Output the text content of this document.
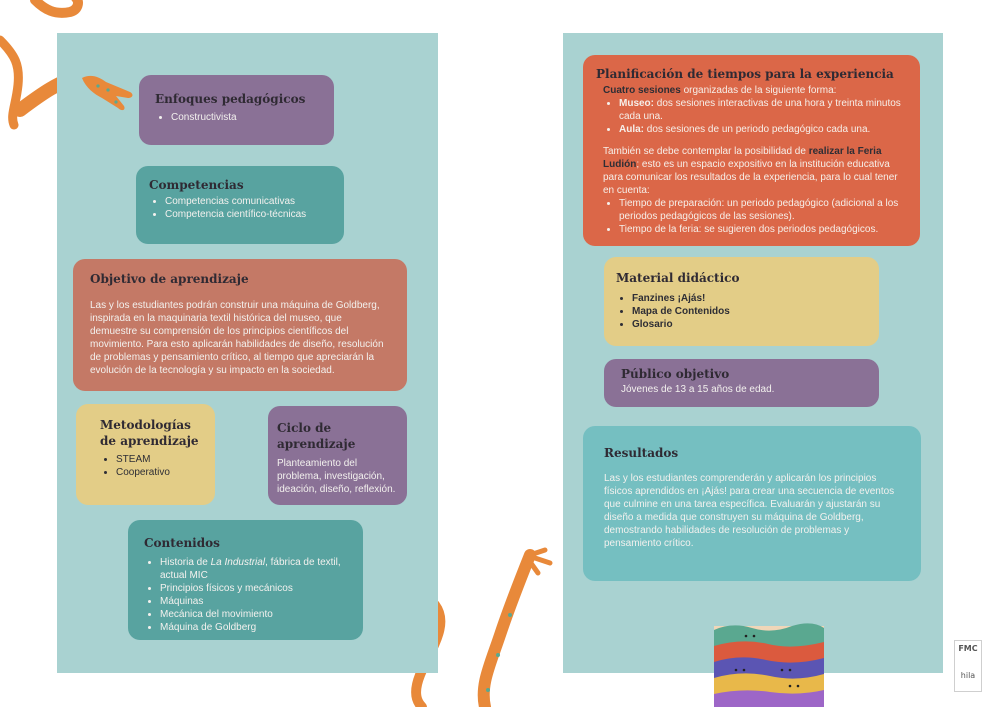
Enfoques pedagógicos
• Constructivista
Competencias
• Competencias comunicativas
• Competencia científico-técnicas
Objetivo de aprendizaje
Las y los estudiantes podrán construir una máquina de Goldberg, inspirada en la maquinaria textil histórica del museo, que demuestre su comprensión de los principios científicos del movimiento. Para esto aplicarán habilidades de diseño, resolución de problemas y pensamiento crítico, al tiempo que apreciarán la evolución de la tecnología y su impacto en la sociedad.
Metodologías de aprendizaje
• STEAM
• Cooperativo
Ciclo de aprendizaje
Planteamiento del problema, investigación, ideación, diseño, reflexión.
Contenidos
• Historia de La Industrial, fábrica de textil, actual MIC
• Principios físicos y mecánicos
• Máquinas
• Mecánica del movimiento
• Máquina de Goldberg
Planificación de tiempos para la experiencia
Cuatro sesiones organizadas de la siguiente forma:
• Museo: dos sesiones interactivas de una hora y treinta minutos cada una.
• Aula: dos sesiones de un periodo pedagógico cada una.
También se debe contemplar la posibilidad de realizar la Feria Ludión; esto es un espacio expositivo en la institución educativa para comunicar los resultados de la experiencia, para lo cual tener en cuenta:
• Tiempo de preparación: un periodo pedagógico (adicional a los periodos pedagógicos de las sesiones).
• Tiempo de la feria: se sugieren dos periodos pedagógicos.
Material didáctico
• Fanzines ¡Ajás!
• Mapa de Contenidos
• Glosario
Público objetivo
Jóvenes de 13 a 15 años de edad.
Resultados
Las y los estudiantes comprenderán y aplicarán los principios físicos aprendidos en ¡Ajás! para crear una secuencia de eventos que culmine en una tarea específica. Evaluarán y ajustarán su diseño a medida que construyen su máquina de Goldberg, demostrando habilidades de resolución de problemas y pensamiento crítico.
FMC
hila
